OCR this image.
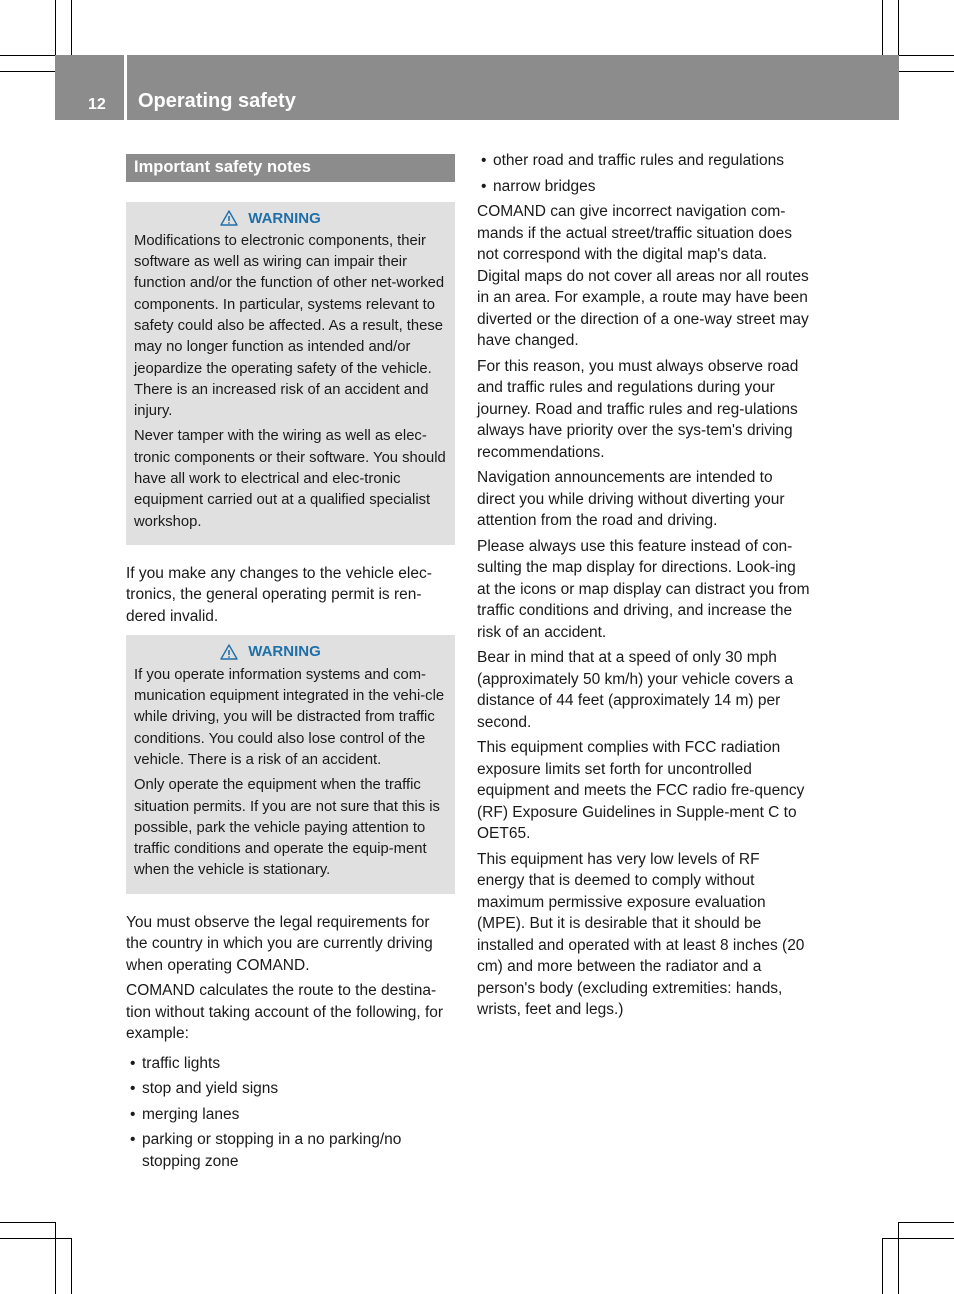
12 Operating safety
Important safety notes
WARNING

Modifications to electronic components, their software as well as wiring can impair their function and/or the function of other net-worked components. In particular, systems relevant to safety could also be affected. As a result, these may no longer function as intended and/or jeopardize the operating safety of the vehicle. There is an increased risk of an accident and injury.

Never tamper with the wiring as well as elec-tronic components or their software. You should have all work to electrical and elec-tronic equipment carried out at a qualified specialist workshop.

If you make any changes to the vehicle elec-tronics, the general operating permit is ren-dered invalid.

WARNING

If you operate information systems and com-munication equipment integrated in the vehi-cle while driving, you will be distracted from traffic conditions. You could also lose control of the vehicle. There is a risk of an accident.

Only operate the equipment when the traffic situation permits. If you are not sure that this is possible, park the vehicle paying attention to traffic conditions and operate the equip-ment when the vehicle is stationary.

You must observe the legal requirements for the country in which you are currently driving when operating COMAND.

COMAND calculates the route to the destina-tion without taking account of the following, for example:

• traffic lights
• stop and yield signs
• merging lanes
• parking or stopping in a no parking/no stopping zone
• other road and traffic rules and regulations
• narrow bridges

COMAND can give incorrect navigation com-mands if the actual street/traffic situation does not correspond with the digital map's data. Digital maps do not cover all areas nor all routes in an area. For example, a route may have been diverted or the direction of a one-way street may have changed.

For this reason, you must always observe road and traffic rules and regulations during your journey. Road and traffic rules and reg-ulations always have priority over the sys-tem's driving recommendations.

Navigation announcements are intended to direct you while driving without diverting your attention from the road and driving.

Please always use this feature instead of con-sulting the map display for directions. Look-ing at the icons or map display can distract you from traffic conditions and driving, and increase the risk of an accident.

Bear in mind that at a speed of only 30 mph (approximately 50 km/h) your vehicle covers a distance of 44 feet (approximately 14 m) per second.

This equipment complies with FCC radiation exposure limits set forth for uncontrolled equipment and meets the FCC radio fre-quency (RF) Exposure Guidelines in Supple-ment C to OET65.

This equipment has very low levels of RF energy that is deemed to comply without maximum permissive exposure evaluation (MPE). But it is desirable that it should be installed and operated with at least 8 inches (20 cm) and more between the radiator and a person's body (excluding extremities: hands, wrists, feet and legs.)
